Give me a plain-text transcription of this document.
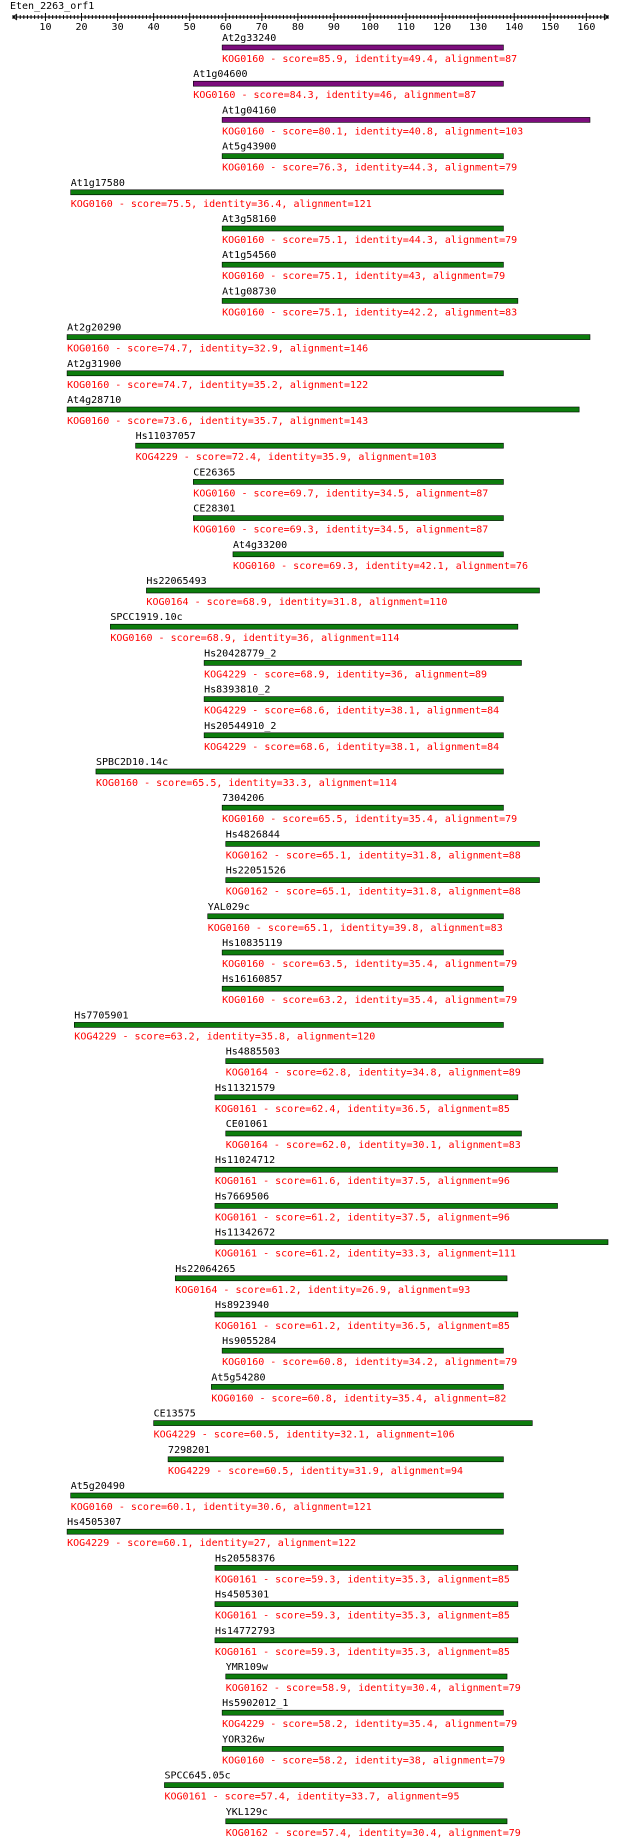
Eten_2263_orf1
10 20 30 40 50 60 70 80 90 100 110 120 130 140 150 160
At2g33240
KOG0160 - score=85.9, identity=49.4, alignment=87
At1g04600
KOG0160 - score=84.3, identity=46, alignment=87
At1g04160
KOG0160 - score=80.1, identity=40.8, alignment=103
At5g43900
KOG0160 - score=76.3, identity=44.3, alignment=79
At1g17580
KOG0160 - score=75.5, identity=36.4, alignment=121
At3g58160
KOG0160 - score=75.1, identity=44.3, alignment=79
At1g54560
KOG0160 - score=75.1, identity=43, alignment=79
At1g08730
KOG0160 - score=75.1, identity=42.2, alignment=83
At2g20290
KOG0160 - score=74.7, identity=32.9, alignment=146
At2g31900
KOG0160 - score=74.7, identity=35.2, alignment=122
At4g28710
KOG0160 - score=73.6, identity=35.7, alignment=143
Hs11037057
KOG4229 - score=72.4, identity=35.9, alignment=103
CE26365
KOG0160 - score=69.7, identity=34.5, alignment=87
CE28301
KOG0160 - score=69.3, identity=34.5, alignment=87
At4g33200
KOG0160 - score=69.3, identity=42.1, alignment=76
Hs22065493
KOG0164 - score=68.9, identity=31.8, alignment=110
SPCC1919.10c
KOG0160 - score=68.9, identity=36, alignment=114
Hs20428779_2
KOG4229 - score=68.9, identity=36, alignment=89
Hs8393810_2
KOG4229 - score=68.6, identity=38.1, alignment=84
Hs20544910_2
KOG4229 - score=68.6, identity=38.1, alignment=84
SPBC2D10.14c
KOG0160 - score=65.5, identity=33.3, alignment=114
7304206
KOG0160 - score=65.5, identity=35.4, alignment=79
Hs4826844
KOG0162 - score=65.1, identity=31.8, alignment=88
Hs22051526
KOG0162 - score=65.1, identity=31.8, alignment=88
YAL029c
KOG0160 - score=65.1, identity=39.8, alignment=83
Hs10835119
KOG0160 - score=63.5, identity=35.4, alignment=79
Hs16160857
KOG0160 - score=63.2, identity=35.4, alignment=79
Hs7705901
KOG4229 - score=63.2, identity=35.8, alignment=120
Hs4885503
KOG0164 - score=62.8, identity=34.8, alignment=89
Hs11321579
KOG0161 - score=62.4, identity=36.5, alignment=85
CE01061
KOG0164 - score=62.0, identity=30.1, alignment=83
Hs11024712
KOG0161 - score=61.6, identity=37.5, alignment=96
Hs7669506
KOG0161 - score=61.2, identity=37.5, alignment=96
Hs11342672
KOG0161 - score=61.2, identity=33.3, alignment=111
Hs22064265
KOG0164 - score=61.2, identity=26.9, alignment=93
Hs8923940
KOG0161 - score=61.2, identity=36.5, alignment=85
Hs9055284
KOG0160 - score=60.8, identity=34.2, alignment=79
At5g54280
KOG0160 - score=60.8, identity=35.4, alignment=82
CE13575
KOG4229 - score=60.5, identity=32.1, alignment=106
7298201
KOG4229 - score=60.5, identity=31.9, alignment=94
At5g20490
KOG0160 - score=60.1, identity=30.6, alignment=121
Hs4505307
KOG4229 - score=60.1, identity=27, alignment=122
Hs20558376
KOG0161 - score=59.3, identity=35.3, alignment=85
Hs4505301
KOG0161 - score=59.3, identity=35.3, alignment=85
Hs14772793
KOG0161 - score=59.3, identity=35.3, alignment=85
YMR109w
KOG0162 - score=58.9, identity=30.4, alignment=79
Hs5902012_1
KOG4229 - score=58.2, identity=35.4, alignment=79
YOR326w
KOG0160 - score=58.2, identity=38, alignment=79
SPCC645.05c
KOG0161 - score=57.4, identity=33.7, alignment=95
YKL129c
KOG0162 - score=57.4, identity=30.4, alignment=79
